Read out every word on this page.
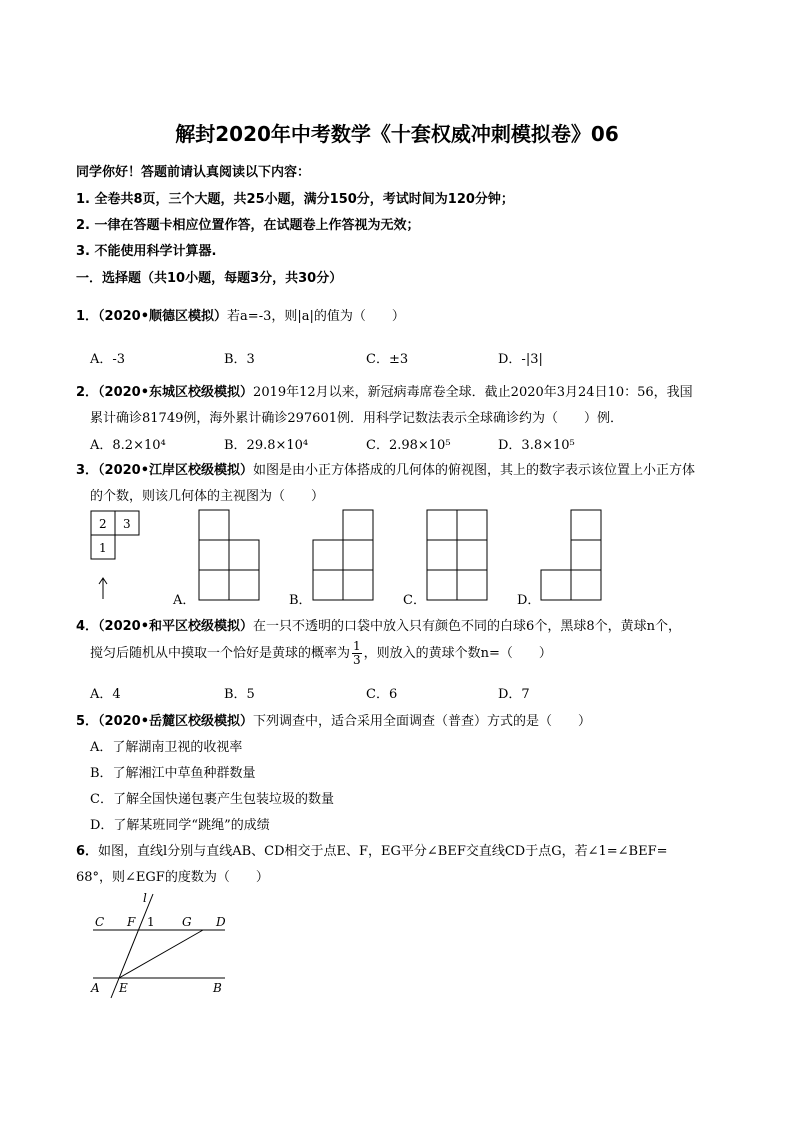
解封2020年中考数学《十套权威冲刺模拟卷》06
同学你好！答题前请认真阅读以下内容：
1. 全卷共8页，三个大题，共25小题，满分150分，考试时间为120分钟；
2. 一律在答题卡相应位置作答，在试题卷上作答视为无效；
3. 不能使用科学计算器.
一．选择题（共10小题，每题3分，共30分）
1．（2020•顺德区模拟）若a=-3，则|a|的值为（　　）
A．-3	B．3	C．±3	D．-|3|
2．（2020•东城区校级模拟）2019年12月以来，新冠病毒席卷全球．截止2020年3月24日10：56，我国
累计确诊81749例，海外累计确诊297601例．用科学记数法表示全球确诊约为（　　）例．
A．8.2×10⁴	B．29.8×10⁴	C．2.98×10⁵	D．3.8×10⁵
3．（2020•江岸区校级模拟）如图是由小正方体搭成的几何体的俯视图，其上的数字表示该位置上小正方体
的个数，则该几何体的主视图为（　　）
2 3
1
A．	B．	C．	D．
4．（2020•和平区校级模拟）在一只不透明的口袋中放入只有颜色不同的白球6个，黑球8个，黄球n个，
搅匀后随机从中摸取一个恰好是黄球的概率为 $\frac{1}{3}$ ，则放入的黄球个数n=（　　）
A．4	B．5	C．6	D．7
5．（2020•岳麓区校级模拟）下列调查中，适合采用全面调查（普查）方式的是（　　）
A．了解湖南卫视的收视率
B．了解湘江中草鱼种群数量
C．了解全国快递包裹产生包装垃圾的数量
D．了解某班同学“跳绳”的成绩
6．如图，直线l分别与直线AB、CD相交于点E、F，EG平分∠BEF交直线CD于点G，若∠1=∠BEF=
68°，则∠EGF的度数为（　　）
l
C F 1 G D
A E	B
